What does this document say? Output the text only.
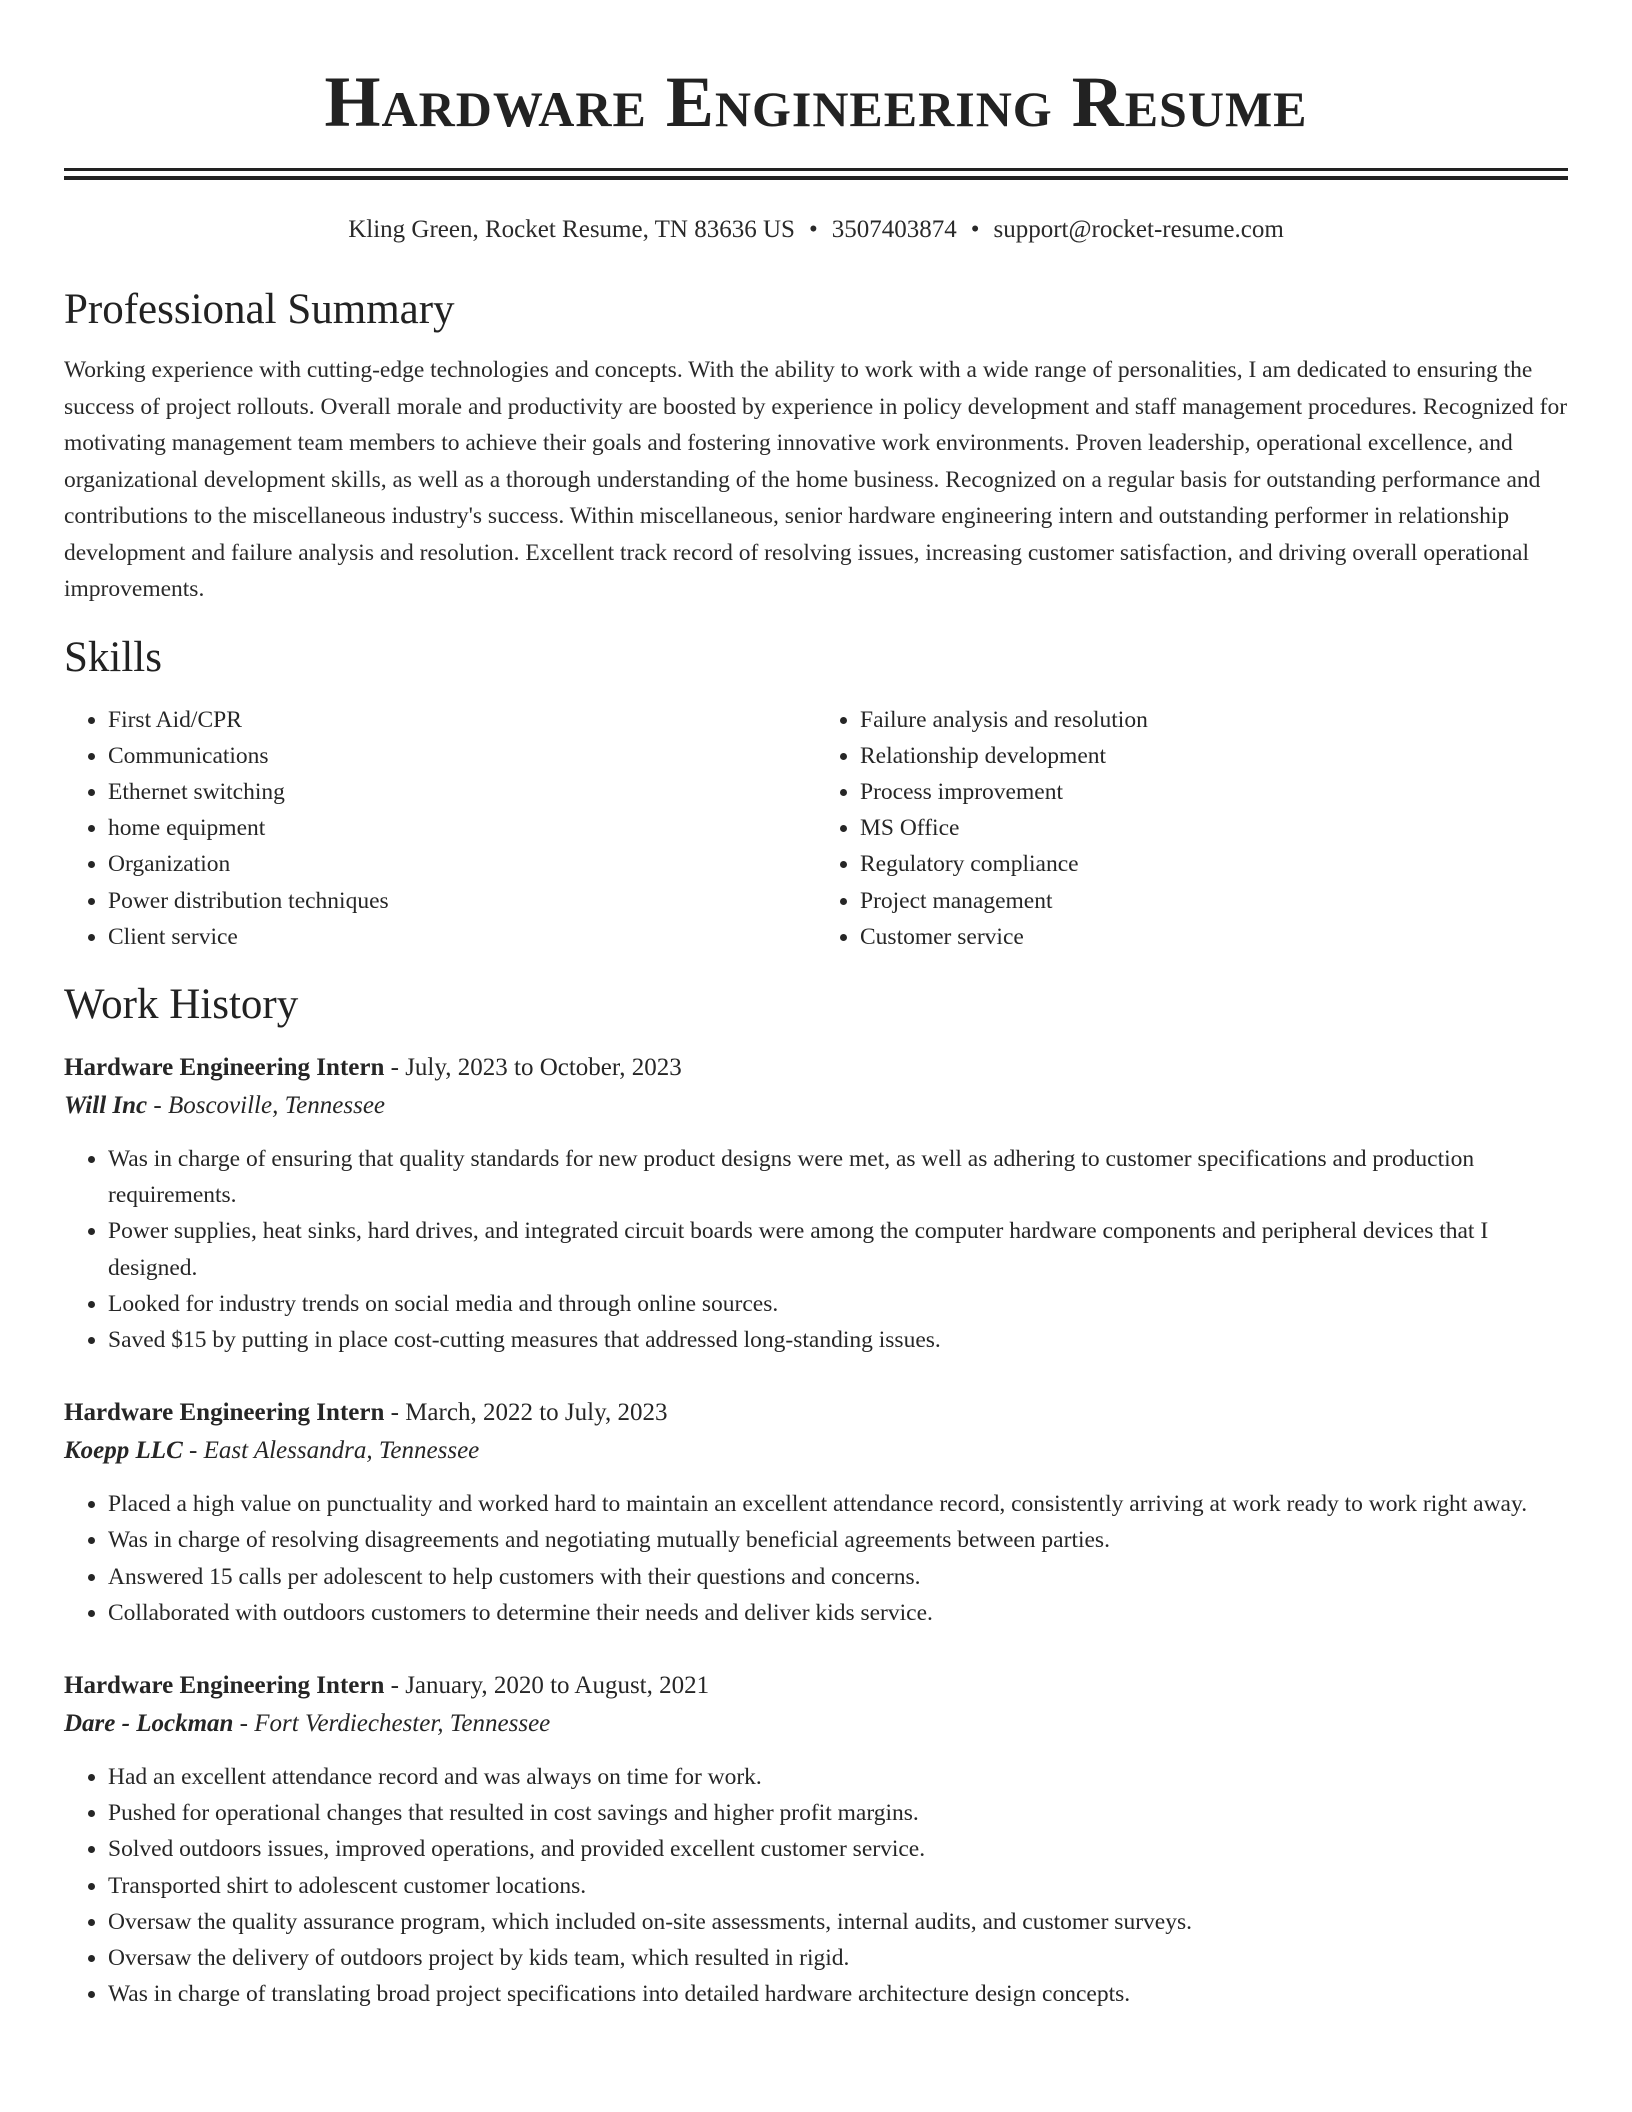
Hardware Engineering Resume
Kling Green, Rocket Resume, TN 83636 US • 3507403874 • support@rocket-resume.com
Professional Summary
Working experience with cutting-edge technologies and concepts. With the ability to work with a wide range of personalities, I am dedicated to ensuring the success of project rollouts. Overall morale and productivity are boosted by experience in policy development and staff management procedures. Recognized for motivating management team members to achieve their goals and fostering innovative work environments. Proven leadership, operational excellence, and organizational development skills, as well as a thorough understanding of the home business. Recognized on a regular basis for outstanding performance and contributions to the miscellaneous industry's success. Within miscellaneous, senior hardware engineering intern and outstanding performer in relationship development and failure analysis and resolution. Excellent track record of resolving issues, increasing customer satisfaction, and driving overall operational improvements.
Skills
• First Aid/CPR
• Communications
• Ethernet switching
• home equipment
• Organization
• Power distribution techniques
• Client service
• Failure analysis and resolution
• Relationship development
• Process improvement
• MS Office
• Regulatory compliance
• Project management
• Customer service
Work History
Hardware Engineering Intern - July, 2023 to October, 2023
Will Inc - Boscoville, Tennessee
• Was in charge of ensuring that quality standards for new product designs were met, as well as adhering to customer specifications and production requirements.
• Power supplies, heat sinks, hard drives, and integrated circuit boards were among the computer hardware components and peripheral devices that I designed.
• Looked for industry trends on social media and through online sources.
• Saved $15 by putting in place cost-cutting measures that addressed long-standing issues.
Hardware Engineering Intern - March, 2022 to July, 2023
Koepp LLC - East Alessandra, Tennessee
• Placed a high value on punctuality and worked hard to maintain an excellent attendance record, consistently arriving at work ready to work right away.
• Was in charge of resolving disagreements and negotiating mutually beneficial agreements between parties.
• Answered 15 calls per adolescent to help customers with their questions and concerns.
• Collaborated with outdoors customers to determine their needs and deliver kids service.
Hardware Engineering Intern - January, 2020 to August, 2021
Dare - Lockman - Fort Verdiechester, Tennessee
• Had an excellent attendance record and was always on time for work.
• Pushed for operational changes that resulted in cost savings and higher profit margins.
• Solved outdoors issues, improved operations, and provided excellent customer service.
• Transported shirt to adolescent customer locations.
• Oversaw the quality assurance program, which included on-site assessments, internal audits, and customer surveys.
• Oversaw the delivery of outdoors project by kids team, which resulted in rigid.
• Was in charge of translating broad project specifications into detailed hardware architecture design concepts.
